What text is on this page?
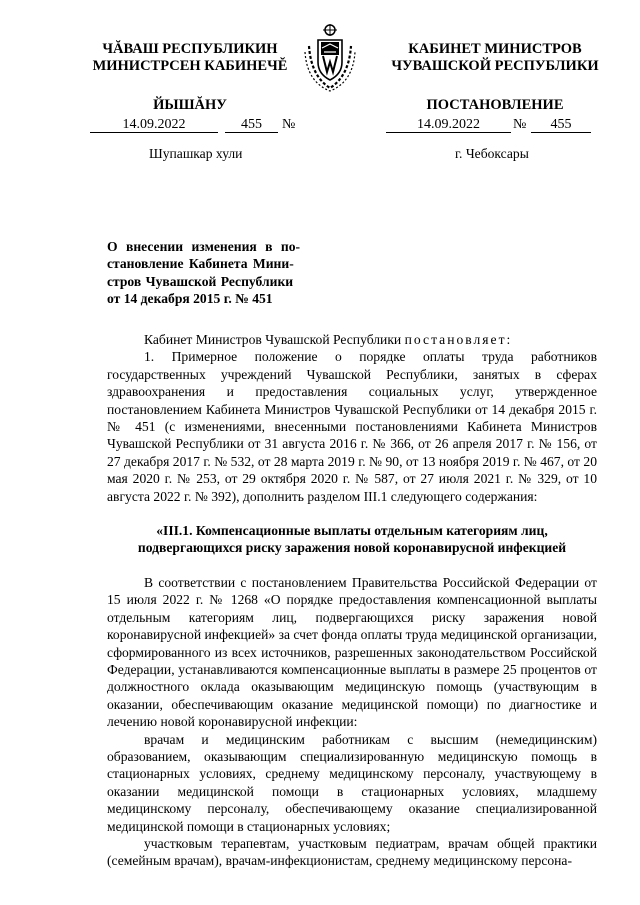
ЧĂВАШ РЕСПУБЛИКИН
МИНИСТРСЕН КАБИНЕЧĔ
ЙЫШĂНУ
КАБИНЕТ МИНИСТРОВ
ЧУВАШСКОЙ РЕСПУБЛИКИ
ПОСТАНОВЛЕНИЕ
14.09.2022	455	№	14.09.2022	№	455
Шупашкар хули	г. Чебоксары
О внесении изменения в по-
становление Кабинета Мини-
стров Чувашской Республики
от 14 декабря 2015 г. № 451

Кабинет Министров Чувашской Республики постановляет:

1. Примерное положение о порядке оплаты труда работников государственных учреждений Чувашской Республики, занятых в сферах здравоохранения и предоставления социальных услуг, утвержденное постановлением Кабинета Министров Чувашской Республики от 14 декабря 2015 г. № 451 (с изменениями, внесенными постановлениями Кабинета Министров Чувашской Республики от 31 августа 2016 г. № 366, от 26 апреля 2017 г. № 156, от 27 декабря 2017 г. № 532, от 28 марта 2019 г. № 90, от 13 ноября 2019 г. № 467, от 20 мая 2020 г. № 253, от 29 октября 2020 г. № 587, от 27 июля 2021 г. № 329, от 10 августа 2022 г. № 392), дополнить разделом III.1 следующего содержания:

«III.1. Компенсационные выплаты отдельным категориям лиц,

подвергающихся риску заражения новой коронавирусной инфекцией

В соответствии с постановлением Правительства Российской Федерации от 15 июля 2022 г. № 1268 «О порядке предоставления компенсационной выплаты отдельным категориям лиц, подвергающихся риску заражения новой коронавирусной инфекцией» за счет фонда оплаты труда медицинской организации, сформированного из всех источников, разрешенных законодательством Российской Федерации, устанавливаются компенсационные выплаты в размере 25 процентов от должностного оклада оказывающим медицинскую помощь (участвующим в оказании, обеспечивающим оказание медицинской помощи) по диагностике и лечению новой коронавирусной инфекции:

врачам и медицинским работникам с высшим (немедицинским) образованием, оказывающим специализированную медицинскую помощь в стационарных условиях, среднему медицинскому персоналу, участвующему в оказании медицинской помощи в стационарных условиях, младшему медицинскому персоналу, обеспечивающему оказание специализированной медицинской помощи в стационарных условиях;

участковым терапевтам, участковым педиатрам, врачам общей практики (семейным врачам), врачам-инфекционистам, среднему медицинскому персона-
